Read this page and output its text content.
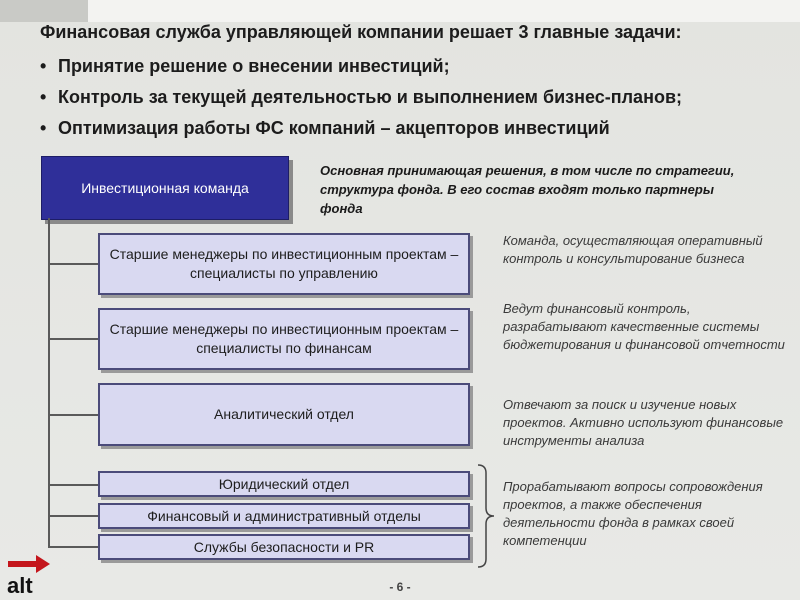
Финансовая служба управляющей компании решает 3 главные задачи:
• Принятие решение о внесении инвестиций;
• Контроль за текущей деятельностью и выполнением бизнес-планов;
• Оптимизация работы ФС компаний – акцепторов инвестиций
Инвестиционная команда
Основная принимающая решения, в том числе по стратегии, структура фонда. В его состав входят только партнеры фонда
Старшие менеджеры по инвестиционным проектам – специалисты по управлению
Старшие менеджеры по инвестиционным проектам – специалисты по финансам
Аналитический отдел
Юридический отдел
Финансовый и административный отделы
Службы безопасности и PR
Команда, осуществляющая оперативный контроль и консультирование бизнеса
Ведут финансовый контроль, разрабатывают качественные системы бюджетирования и финансовой отчетности
Отвечают за поиск и изучение новых проектов. Активно используют финансовые инструменты анализа
Прорабатывают вопросы сопровождения проектов, а также обеспечения деятельности фонда в рамках своей компетенции
alt	- 6 -
